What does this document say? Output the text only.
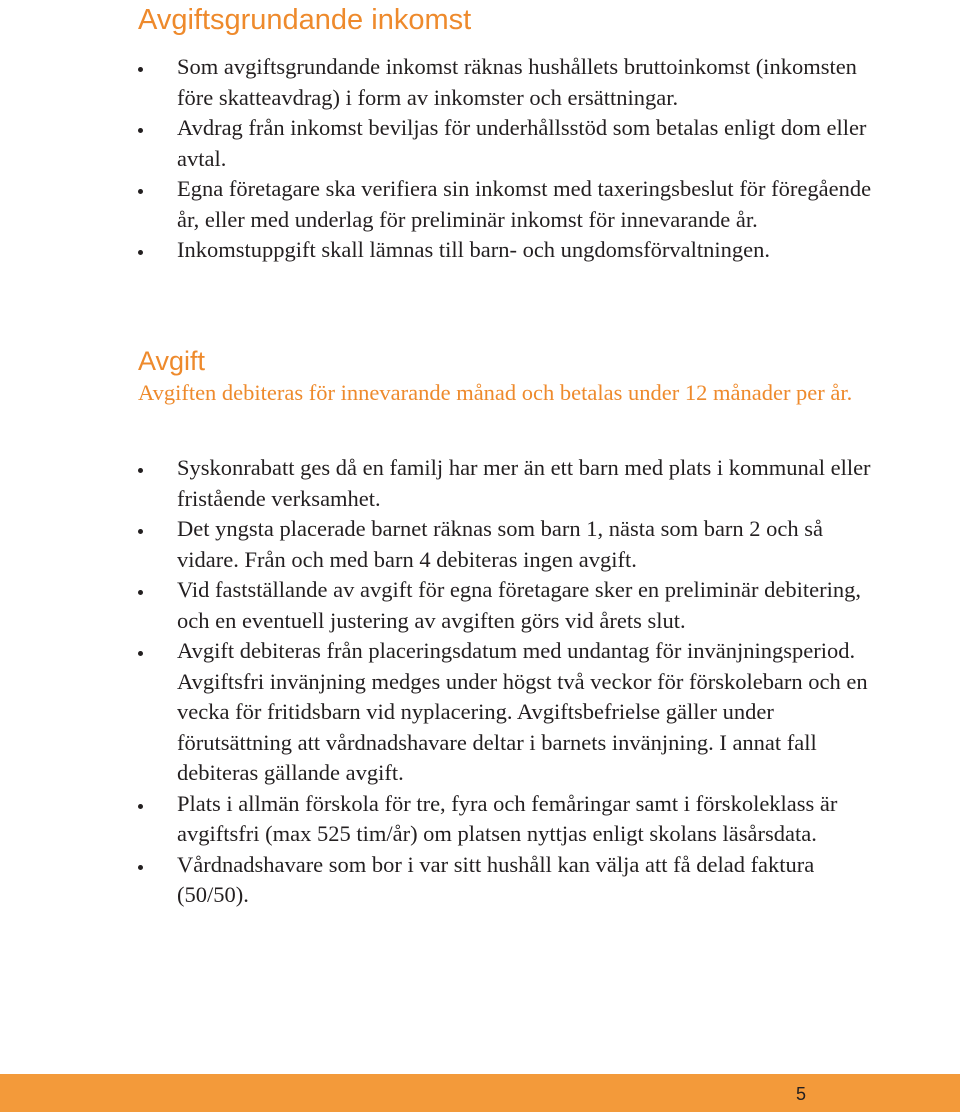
Avgiftsgrundande inkomst
Som avgiftsgrundande inkomst räknas hushållets bruttoinkomst (inkomsten före skatteavdrag) i form av inkomster och ersättningar.
Avdrag från inkomst beviljas för underhållsstöd som betalas enligt dom eller avtal.
Egna företagare ska verifiera sin inkomst med taxeringsbeslut för föregående år, eller med underlag för preliminär inkomst för innevarande år.
Inkomstuppgift skall lämnas till barn- och ungdomsförvaltningen.
Avgift

Avgiften debiteras för innevarande månad och betalas under 12 månader per år.

Syskonrabatt ges då en familj har mer än ett barn med plats i kommunal eller fristående verksamhet.
Det yngsta placerade barnet räknas som barn 1, nästa som barn 2 och så vidare. Från och med barn 4 debiteras ingen avgift.
Vid fastställande av avgift för egna företagare sker en preliminär debitering, och en eventuell justering av avgiften görs vid årets slut.
Avgift debiteras från placeringsdatum med undantag för invänjningsperiod. Avgiftsfri invänjning medges under högst två veckor för förskolebarn och en vecka för fritidsbarn vid nyplacering. Avgiftsbefrielse gäller under förutsättning att vårdnadshavare deltar i barnets invänjning. I annat fall debiteras gällande avgift.
Plats i allmän förskola för tre, fyra och femåringar samt i förskoleklass är avgiftsfri (max 525 tim/år) om platsen nyttjas enligt skolans läsårsdata.
Vårdnadshavare som bor i var sitt hushåll kan välja att få delad faktura (50/50).
5
